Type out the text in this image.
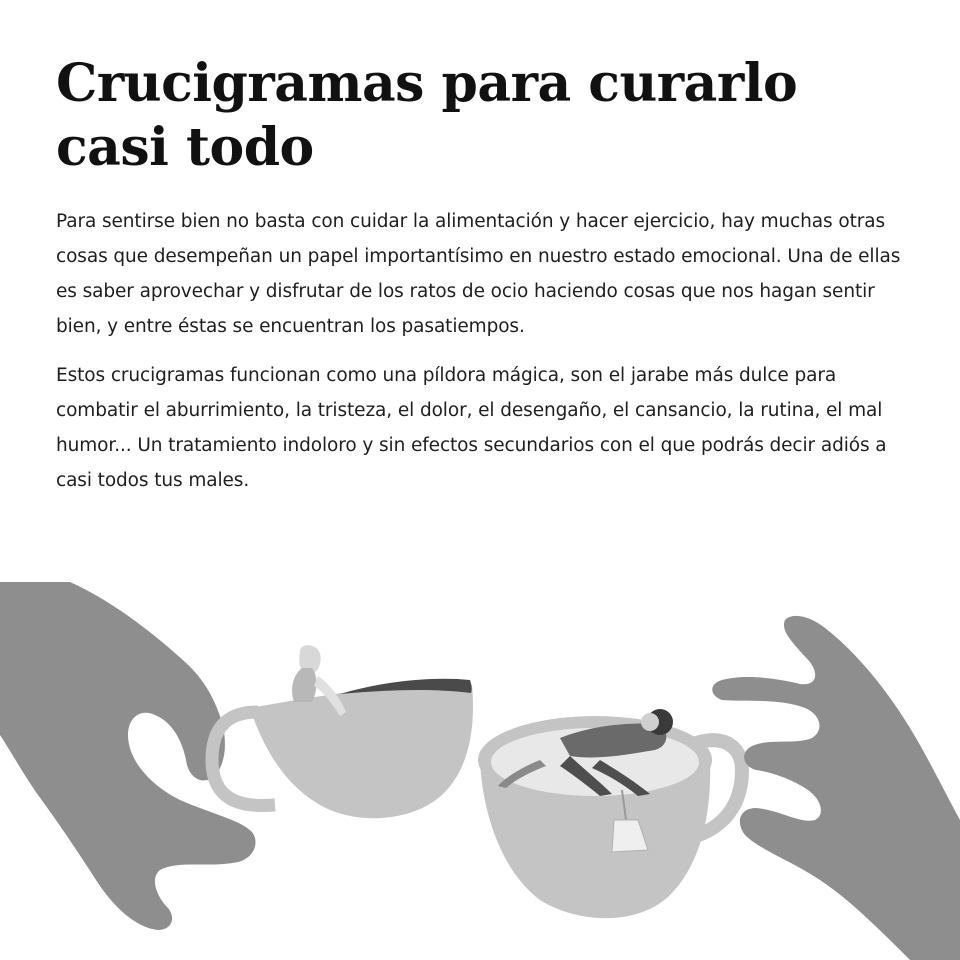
Crucigramas para curarlo casi todo

Para sentirse bien no basta con cuidar la alimentación y hacer ejercicio, hay muchas otras cosas que desempeñan un papel importantísimo en nuestro estado emocional. Una de ellas es saber aprovechar y disfrutar de los ratos de ocio haciendo cosas que nos hagan sentir bien, y entre éstas se encuentran los pasatiempos.

Estos crucigramas funcionan como una píldora mágica, son el jarabe más dulce para combatir el aburrimiento, la tristeza, el dolor, el desengaño, el cansancio, la rutina, el mal humor... Un tratamiento indoloro y sin efectos secundarios con el que podrás decir adiós a casi todos tus males.
